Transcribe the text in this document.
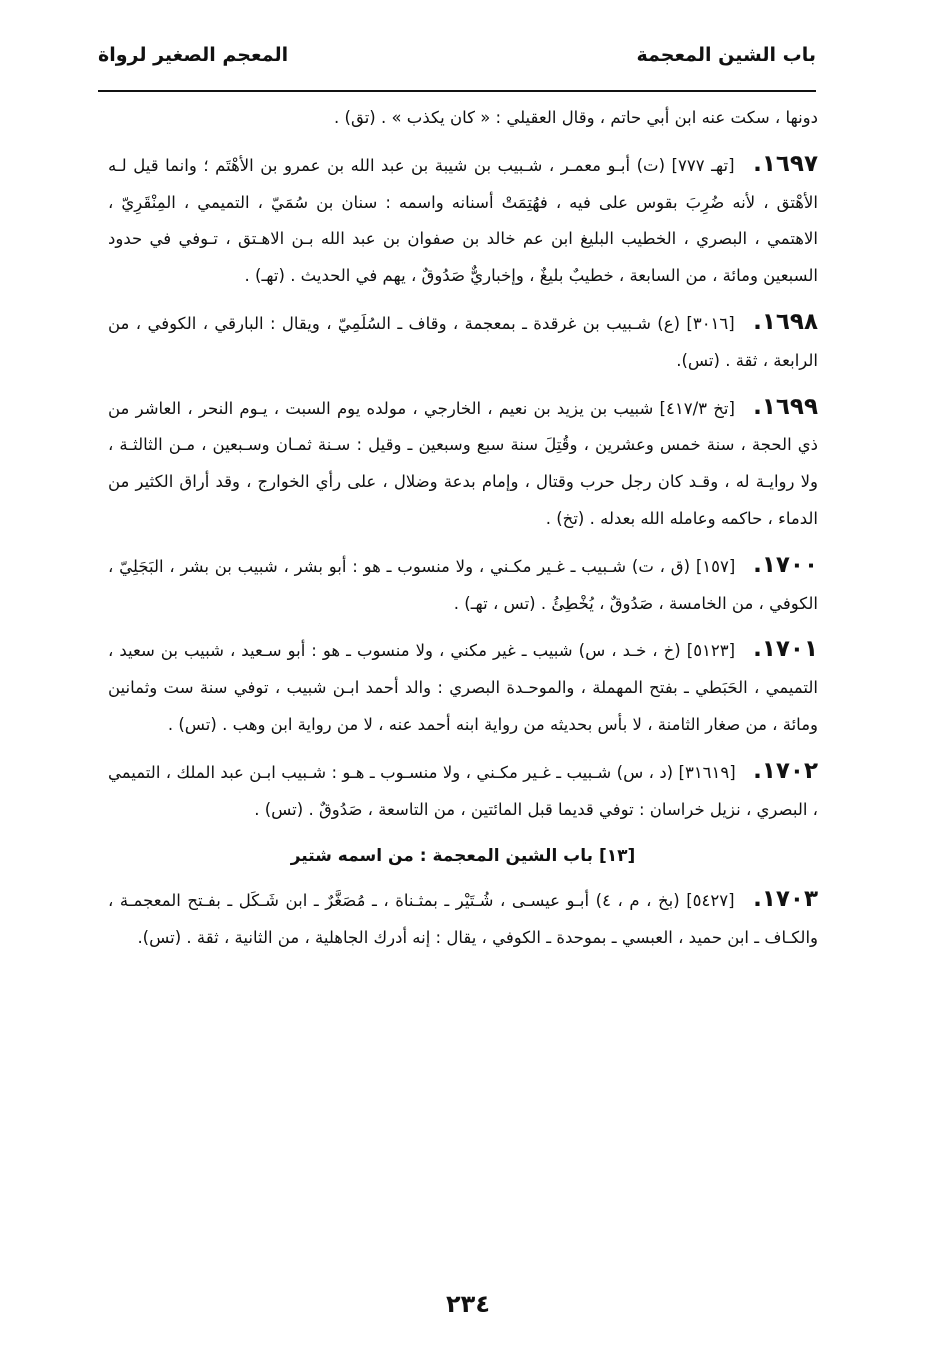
باب الشين المعجمة
المعجم الصغير لرواة

دونها ، سكت عنه ابن أبي حاتم ، وقال العقيلي : « كان يكذب » . (تق) .

١٦٩٧. [تهـ ٧٧٧] (ت) أبـو معمـر ، شـبيب بن شيبة بن عبد الله بن عمرو بن الأهْتَم ؛ وانما قيل لـه الأهْتق ، لأنه ضُرِبَ بقوس على فيه ، فهُتِمَتْ أسنانه واسمه : سنان بن سُمَيّ ، التميمي ، المِنْقَرِيّ ، الاهتمي ، البصري ، الخطيب البليغ ابن عم خالد بن صفوان بن عبد الله بـن الاهـتق ، تـوفي في حدود السبعين ومائة ، من السابعة ، خطيبٌ بليغٌ ، وإخباريٌّ صَدُوقٌ ، يهم في الحديث . (تهـ) .

١٦٩٨. [٣٠١٦] (ع) شـبيب بن غرقدة ـ بمعجمة ، وقاف ـ السُلَمِيّ ، ويقال : البارقي ، الكوفي ، من الرابعة ، ثقة . (تس).

١٦٩٩. [تخ ٤١٧/٣] شبيب بن يزيد بن نعيم ، الخارجي ، مولده يوم السبت ، يـوم النحر ، العاشر من ذي الحجة ، سنة خمس وعشرين ، وقُتِلَ سنة سبع وسبعين ـ وقيل : سـنة ثمـان وسـبعين ، مـن الثالثـة ، ولا روايـة له ، وقـد كان رجل حرب وقتال ، وإمام بدعة وضلال ، على رأي الخوارج ، وقد أراق الكثير من الدماء ، حاكمه وعامله الله بعدله . (تخ) .

١٧٠٠. [١٥٧] (ق ، ت) شـبيب ـ غـير مكـني ، ولا منسوب ـ هو : أبو بشر ، شبيب بن بشر ، البَجَلِيّ ، الكوفي ، من الخامسة ، صَدُوقٌ ، يُخْطِئُ . (تس ، تهـ) .

١٧٠١. [٥١٢٣] (خ ، خـد ، س) شبيب ـ غير مكني ، ولا منسوب ـ هو : أبو سـعيد ، شبيب بن سعيد ، التميمي ، الحَبَطي ـ بفتح المهملة ، والموحـدة البصري : والد أحمد ابـن شبيب ، توفي سنة ست وثمانين ومائة ، من صغار الثامنة ، لا بأس بحديثه من رواية ابنه أحمد عنه ، لا من رواية ابن وهب . (تس) .

١٧٠٢. [٣١٦١٩] (د ، س) شـبيب ـ غـير مكـني ، ولا منسـوب ـ هـو : شـبيب ابـن عبد الملك ، التميمي ، البصري ، نزيل خراسان : توفي قديما قبل المائتين ، من التاسعة ، صَدُوقٌ . (تس) .

[١٣] باب الشين المعجمة : من اسمه شتير

١٧٠٣. [٥٤٢٧] (بخ ، م ، ٤) أبـو عيسـى ، شُـتَيْر ـ بمثـناة ، ـ مُصَغَّرٌ ـ ابن شَـكَل ـ بفـتح المعجمـة ، والكـاف ـ ابن حميد ، العبسي ـ بموحدة ـ الكوفي ، يقال : إنه أدرك الجاهلية ، من الثانية ، ثقة . (تس).

٢٣٤
